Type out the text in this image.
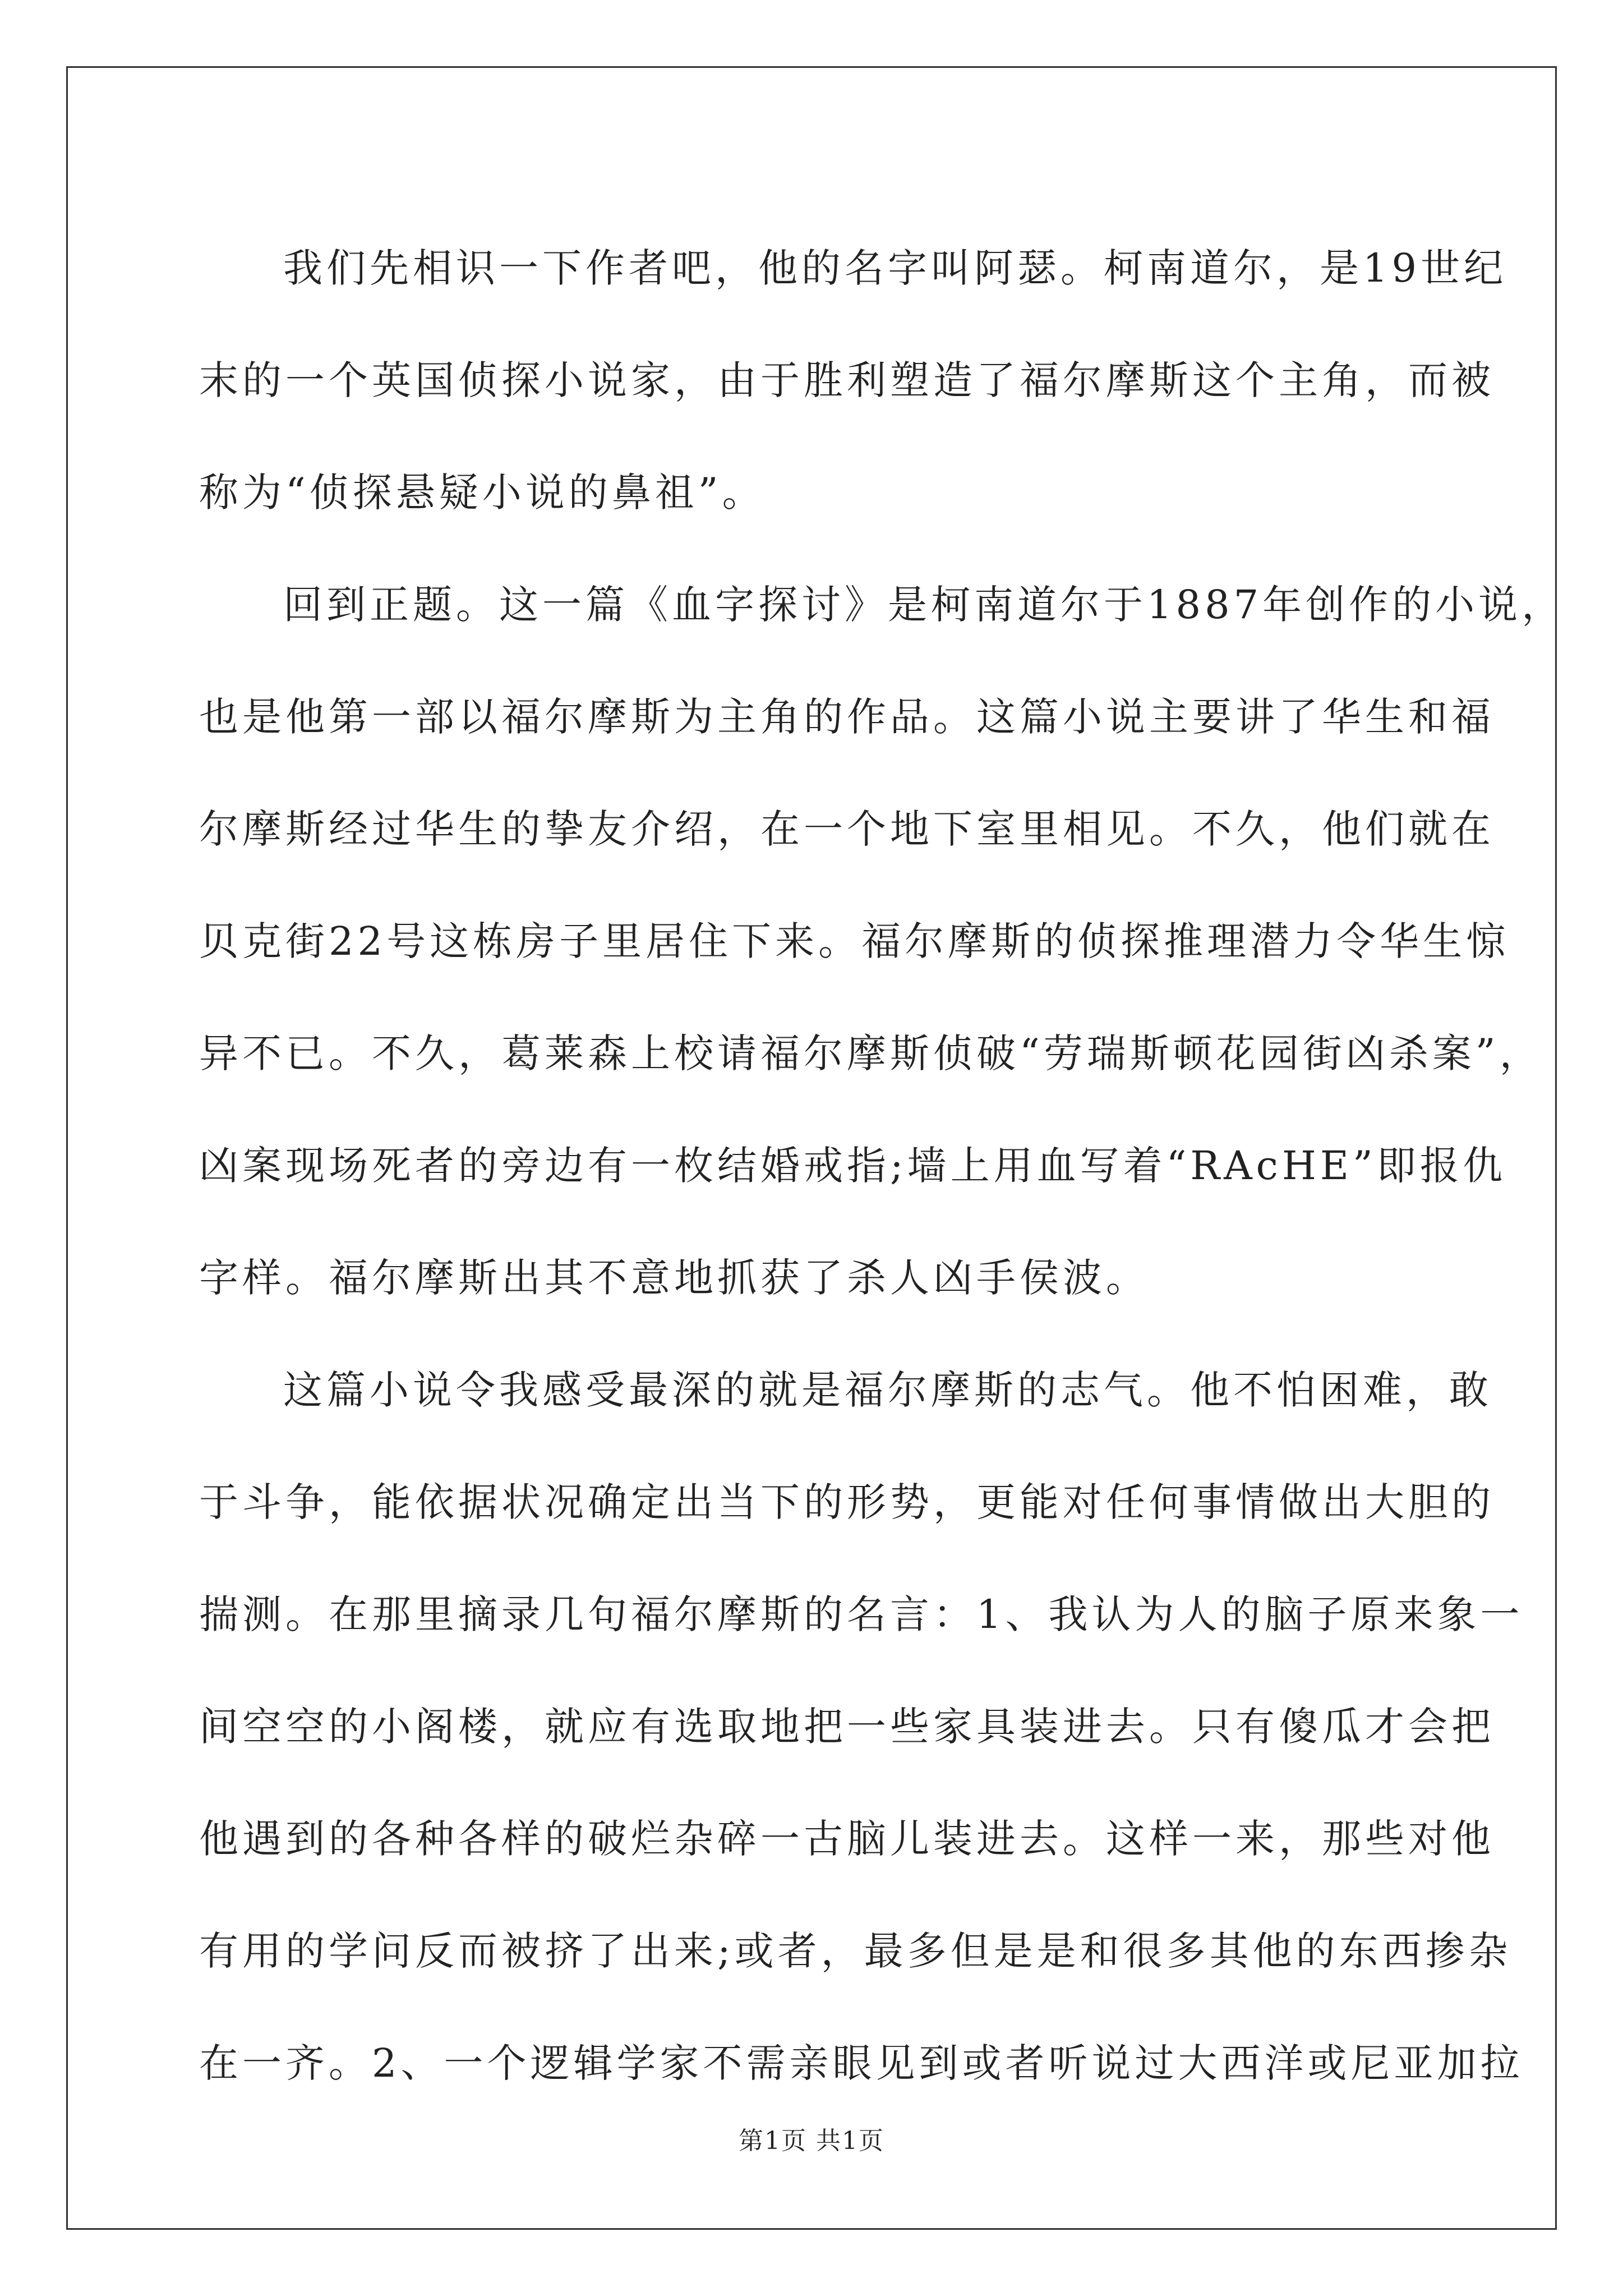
我们先相识一下作者吧，他的名字叫阿瑟。柯南道尔，是19世纪
末的一个英国侦探小说家，由于胜利塑造了福尔摩斯这个主角，而被
称为“侦探悬疑小说的鼻祖”。
回到正题。这一篇《血字探讨》是柯南道尔于1887年创作的小说，
也是他第一部以福尔摩斯为主角的作品。这篇小说主要讲了华生和福
尔摩斯经过华生的挚友介绍，在一个地下室里相见。不久，他们就在
贝克街22号这栋房子里居住下来。福尔摩斯的侦探推理潜力令华生惊
异不已。不久，葛莱森上校请福尔摩斯侦破“劳瑞斯顿花园街凶杀案”，
凶案现场死者的旁边有一枚结婚戒指;墙上用血写着“RAcHE”即报仇
字样。福尔摩斯出其不意地抓获了杀人凶手侯波。
这篇小说令我感受最深的就是福尔摩斯的志气。他不怕困难，敢
于斗争，能依据状况确定出当下的形势，更能对任何事情做出大胆的
揣测。在那里摘录几句福尔摩斯的名言：1、我认为人的脑子原来象一
间空空的小阁楼，就应有选取地把一些家具装进去。只有傻瓜才会把
他遇到的各种各样的破烂杂碎一古脑儿装进去。这样一来，那些对他
有用的学问反而被挤了出来;或者，最多但是是和很多其他的东西掺杂
在一齐。2、一个逻辑学家不需亲眼见到或者听说过大西洋或尼亚加拉
第1页 共1页
